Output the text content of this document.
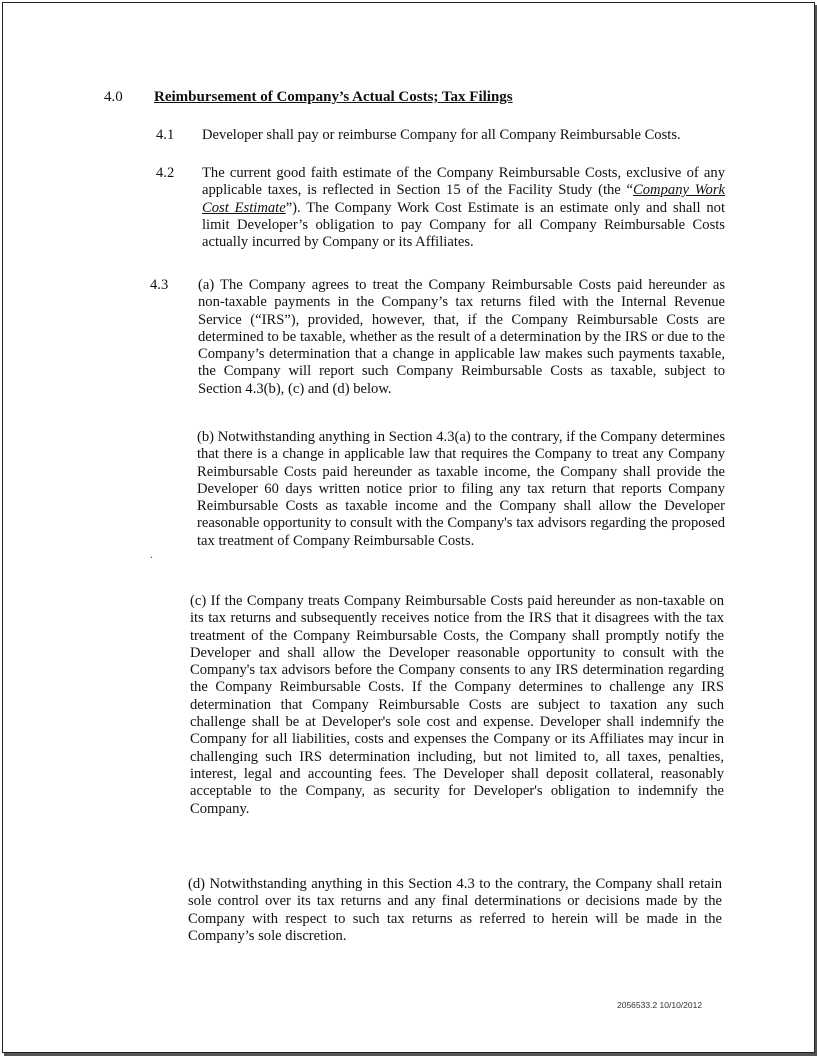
4.0 Reimbursement of Company’s Actual Costs; Tax Filings
4.1 Developer shall pay or reimburse Company for all Company Reimbursable Costs.

4.2 The current good faith estimate of the Company Reimbursable Costs, exclusive of any applicable taxes, is reflected in Section 15 of the Facility Study (the “Company Work Cost Estimate”). The Company Work Cost Estimate is an estimate only and shall not limit Developer’s obligation to pay Company for all Company Reimbursable Costs actually incurred by Company or its Affiliates.

4.3 (a) The Company agrees to treat the Company Reimbursable Costs paid hereunder as non-taxable payments in the Company’s tax returns filed with the Internal Revenue Service (“IRS”), provided, however, that, if the Company Reimbursable Costs are determined to be taxable, whether as the result of a determination by the IRS or due to the Company’s determination that a change in applicable law makes such payments taxable, the Company will report such Company Reimbursable Costs as taxable, subject to Section 4.3(b), (c) and (d) below.

(b) Notwithstanding anything in Section 4.3(a) to the contrary, if the Company determines that there is a change in applicable law that requires the Company to treat any Company Reimbursable Costs paid hereunder as taxable income, the Company shall provide the Developer 60 days written notice prior to filing any tax return that reports Company Reimbursable Costs as taxable income and the Company shall allow the Developer reasonable opportunity to consult with the Company's tax advisors regarding the proposed tax treatment of Company Reimbursable Costs.

.

(c) If the Company treats Company Reimbursable Costs paid hereunder as non-taxable on its tax returns and subsequently receives notice from the IRS that it disagrees with the tax treatment of the Company Reimbursable Costs, the Company shall promptly notify the Developer and shall allow the Developer reasonable opportunity to consult with the Company's tax advisors before the Company consents to any IRS determination regarding the Company Reimbursable Costs. If the Company determines to challenge any IRS determination that Company Reimbursable Costs are subject to taxation any such challenge shall be at Developer's sole cost and expense. Developer shall indemnify the Company for all liabilities, costs and expenses the Company or its Affiliates may incur in challenging such IRS determination including, but not limited to, all taxes, penalties, interest, legal and accounting fees. The Developer shall deposit collateral, reasonably acceptable to the Company, as security for Developer's obligation to indemnify the Company.

(d) Notwithstanding anything in this Section 4.3 to the contrary, the Company shall retain sole control over its tax returns and any final determinations or decisions made by the Company with respect to such tax returns as referred to herein will be made in the Company’s sole discretion.

2056533.2 10/10/2012
